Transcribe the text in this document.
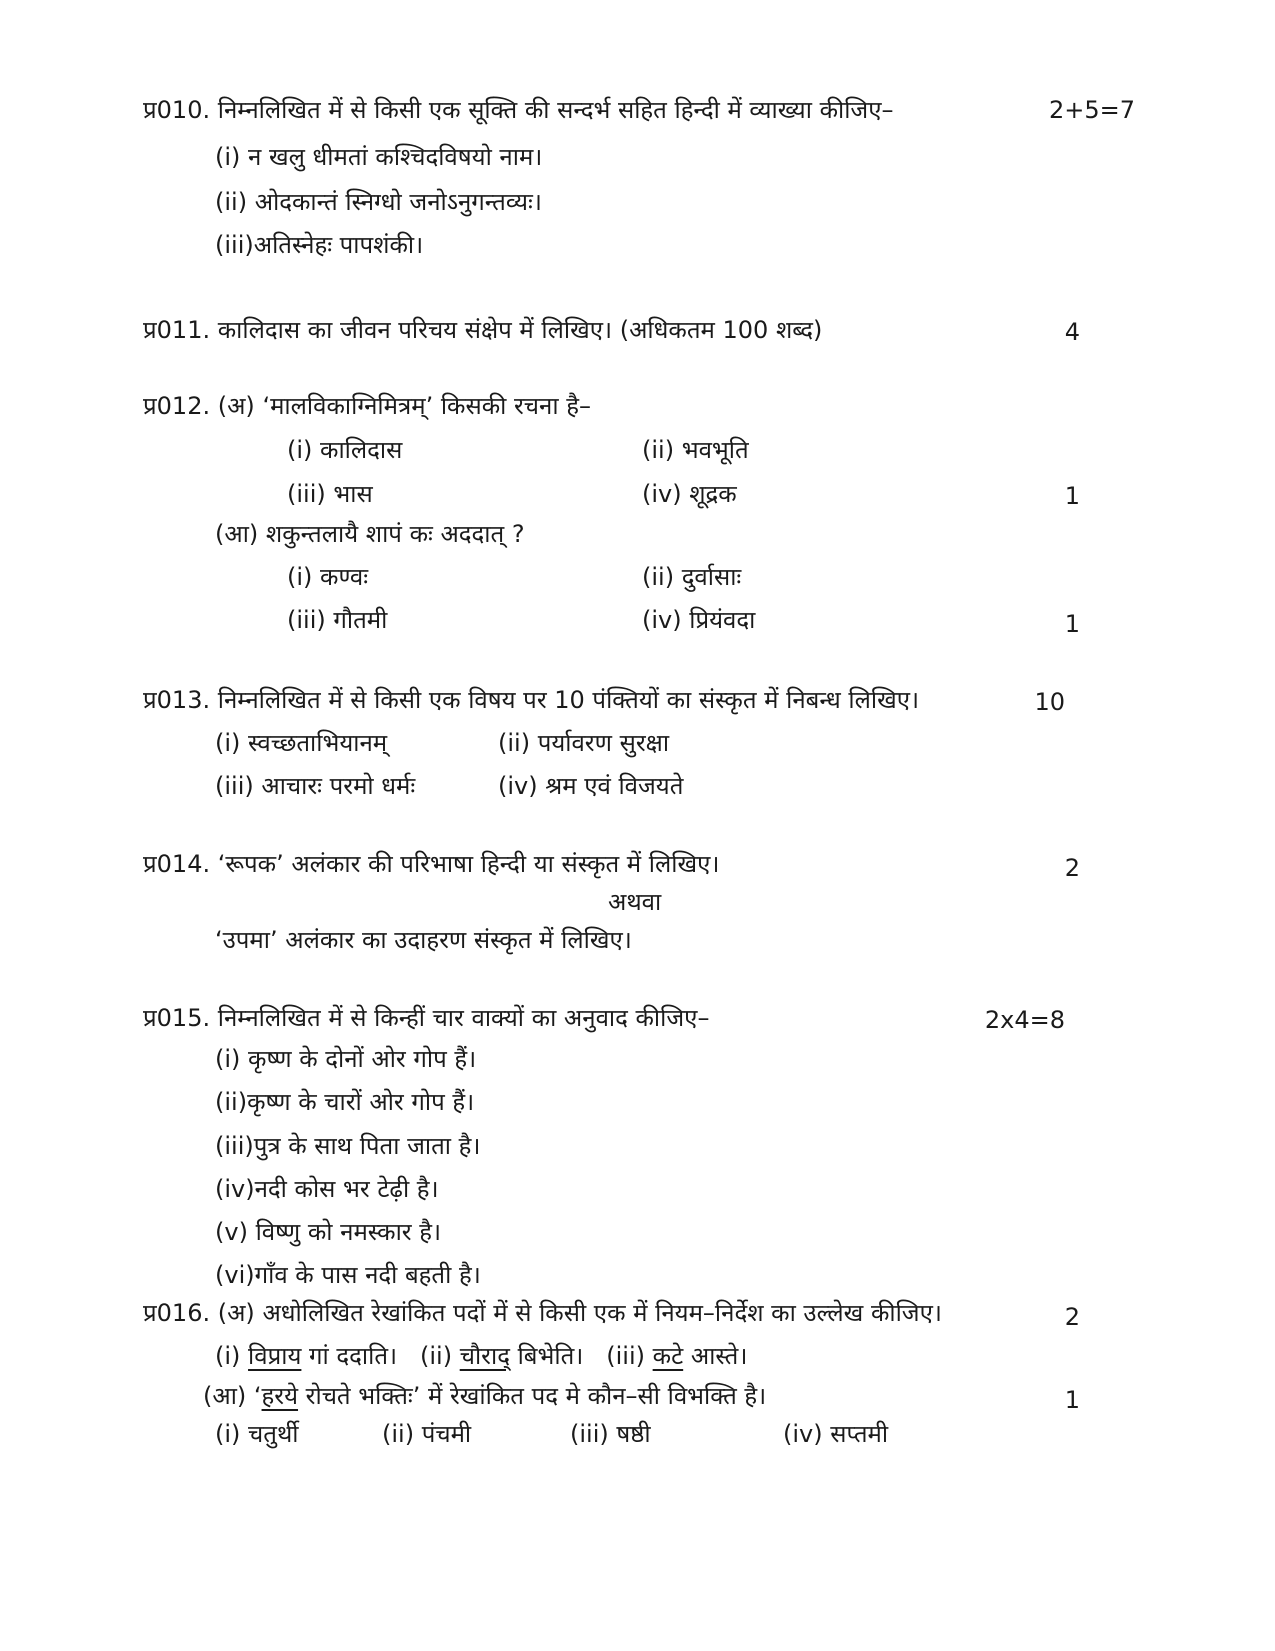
प्र010. निम्नलिखित में से किसी एक सूक्ति की सन्दर्भ सहित हिन्दी में व्याख्या कीजिए–	2+5=7
(i) न खलु धीमतां कश्चिदविषयो नाम।
(ii) ओदकान्तं स्निग्धो जनोऽनुगन्तव्यः।
(iii)अतिस्नेहः पापशंकी।
प्र011. कालिदास का जीवन परिचय संक्षेप में लिखिए। (अधिकतम 100 शब्द)	4
प्र012. (अ) ‘मालविकाग्निमित्रम्’ किसकी रचना है–
(i) कालिदास	(ii) भवभूति
(iii) भास	(iv) शूद्रक	1
(आ) शकुन्तलायै शापं कः अददात् ?
(i) कण्वः	(ii) दुर्वासाः
(iii) गौतमी	(iv) प्रियंवदा	1
प्र013. निम्नलिखित में से किसी एक विषय पर 10 पंक्तियों का संस्कृत में निबन्ध लिखिए।	10
(i) स्वच्छताभियानम्	(ii) पर्यावरण सुरक्षा
(iii) आचारः परमो धर्मः	(iv) श्रम एवं विजयते
प्र014. ‘रूपक’ अलंकार की परिभाषा हिन्दी या संस्कृत में लिखिए।	2
अथवा
‘उपमा’ अलंकार का उदाहरण संस्कृत में लिखिए।
प्र015. निम्नलिखित में से किन्हीं चार वाक्यों का अनुवाद कीजिए–	2x4=8
(i) कृष्ण के दोनों ओर गोप हैं।
(ii)कृष्ण के चारों ओर गोप हैं।
(iii)पुत्र के साथ पिता जाता है।
(iv)नदी कोस भर टेढ़ी है।
(v) विष्णु को नमस्कार है।
(vi)गाँव के पास नदी बहती है।
प्र016. (अ) अधोलिखित रेखांकित पदों में से किसी एक में नियम–निर्देश का उल्लेख कीजिए।	2
(i) विप्राय गां ददाति। (ii) चौराद् बिभेति। (iii) कटे आस्ते।
(आ) ‘हरये रोचते भक्तिः’ में रेखांकित पद मे कौन–सी विभक्ति है।	1
(i) चतुर्थी	(ii) पंचमी	(iii) षष्ठी	(iv) सप्तमी
